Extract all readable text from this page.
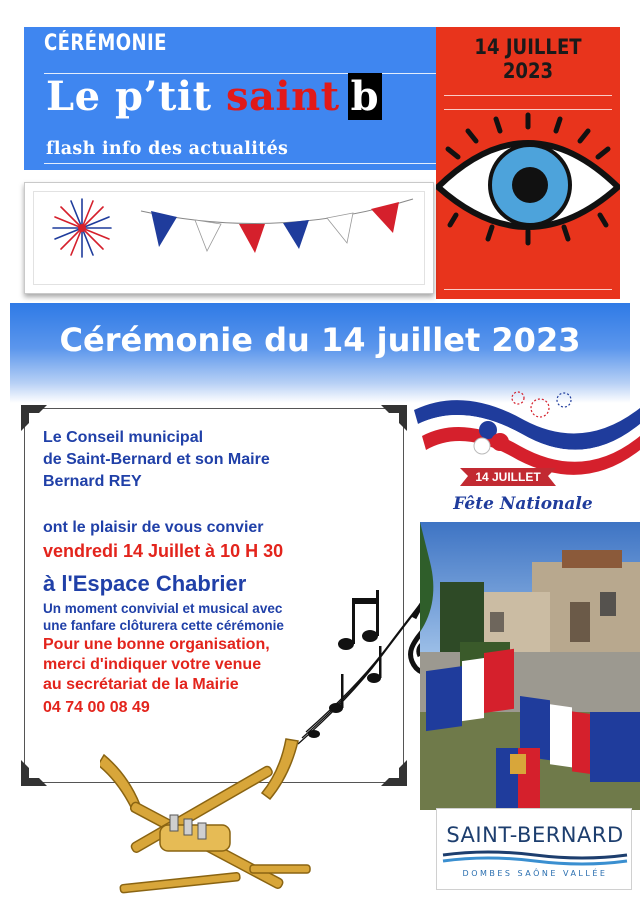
CÉRÉMONIE
Le p’tit saint b
flash info des actualités
14 JUILLET 2023
Cérémonie du 14 juillet 2023
Le Conseil municipal
de Saint-Bernard et son Maire
Bernard REY
ont le plaisir de vous convier
vendredi 14 Juillet à 10 H 30
à l'Espace Chabrier
Un moment convivial et musical avec
une fanfare clôturera cette cérémonie
Pour une bonne organisation,
merci d'indiquer votre venue
au secrétariat de la Mairie
04 74 00 08 49
14 JUILLET
Fête Nationale
SAINT-BERNARD
DOMBES SAÔNE VALLÉE
